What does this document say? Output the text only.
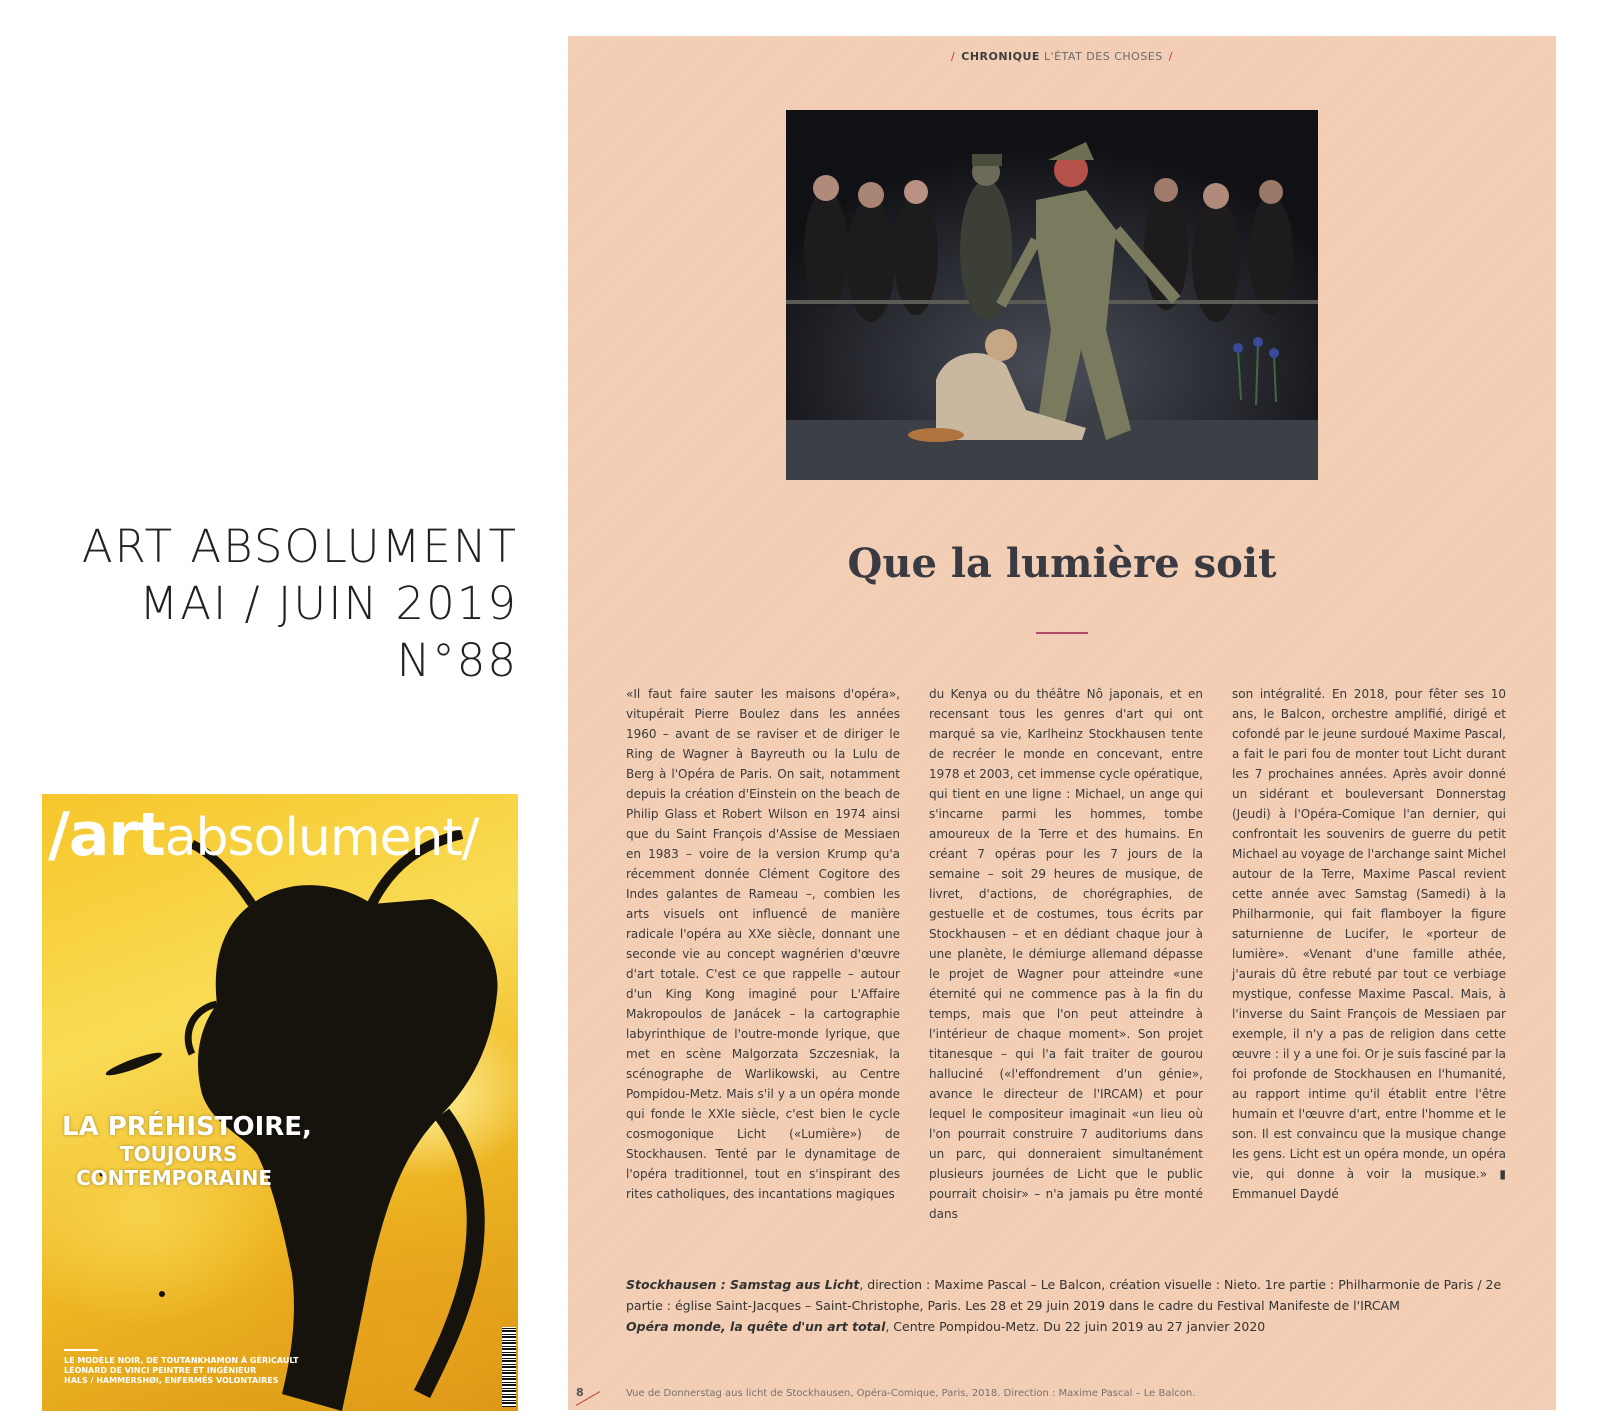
ART ABSOLUMENT
MAI / JUIN 2019
N°88
/artabsolument/
LA PRÉHISTOIRE,
TOUJOURS
CONTEMPORAINE
LE MODÈLE NOIR, DE TOUTANKHAMON À GÉRICAULT
LÉONARD DE VINCI PEINTRE ET INGÉNIEUR
HALS / HAMMERSHØI, ENFERMÉS VOLONTAIRES
/ CHRONIQUE L'ÉTAT DES CHOSES /
Que la lumière soit
«Il faut faire sauter les maisons d'opéra», vitupérait Pierre Boulez dans les années 1960 – avant de se raviser et de diriger le Ring de Wagner à Bayreuth ou la Lulu de Berg à l'Opéra de Paris. On sait, notamment depuis la création d'Einstein on the beach de Philip Glass et Robert Wilson en 1974 ainsi que du Saint François d'Assise de Messiaen en 1983 – voire de la version Krump qu'a récemment donnée Clément Cogitore des Indes galantes de Rameau –, combien les arts visuels ont influencé de manière radicale l'opéra au XXe siècle, donnant une seconde vie au concept wagnérien d'œuvre d'art totale. C'est ce que rappelle – autour d'un King Kong imaginé pour L'Affaire Makropoulos de Janácek – la cartographie labyrinthique de l'outre-monde lyrique, que met en scène Malgorzata Szczesniak, la scénographe de Warlikowski, au Centre Pompidou-Metz. Mais s'il y a un opéra monde qui fonde le XXIe siècle, c'est bien le cycle cosmogonique Licht («Lumière») de Stockhausen. Tenté par le dynamitage de l'opéra traditionnel, tout en s'inspirant des rites catholiques, des incantations magiques
du Kenya ou du théâtre Nô japonais, et en recensant tous les genres d'art qui ont marqué sa vie, Karlheinz Stockhausen tente de recréer le monde en concevant, entre 1978 et 2003, cet immense cycle opératique, qui tient en une ligne : Michael, un ange qui s'incarne parmi les hommes, tombe amoureux de la Terre et des humains. En créant 7 opéras pour les 7 jours de la semaine – soit 29 heures de musique, de livret, d'actions, de chorégraphies, de gestuelle et de costumes, tous écrits par Stockhausen – et en dédiant chaque jour à une planète, le démiurge allemand dépasse le projet de Wagner pour atteindre «une éternité qui ne commence pas à la fin du temps, mais que l'on peut atteindre à l'intérieur de chaque moment». Son projet titanesque – qui l'a fait traiter de gourou halluciné («l'effondrement d'un génie», avance le directeur de l'IRCAM) et pour lequel le compositeur imaginait «un lieu où l'on pourrait construire 7 auditoriums dans un parc, qui donneraient simultanément plusieurs journées de Licht que le public pourrait choisir» – n'a jamais pu être monté dans
son intégralité. En 2018, pour fêter ses 10 ans, le Balcon, orchestre amplifié, dirigé et cofondé par le jeune surdoué Maxime Pascal, a fait le pari fou de monter tout Licht durant les 7 prochaines années. Après avoir donné un sidérant et bouleversant Donnerstag (Jeudi) à l'Opéra-Comique l'an dernier, qui confrontait les souvenirs de guerre du petit Michael au voyage de l'archange saint Michel autour de la Terre, Maxime Pascal revient cette année avec Samstag (Samedi) à la Philharmonie, qui fait flamboyer la figure saturnienne de Lucifer, le «porteur de lumière». «Venant d'une famille athée, j'aurais dû être rebuté par tout ce verbiage mystique, confesse Maxime Pascal. Mais, à l'inverse du Saint François de Messiaen par exemple, il n'y a pas de religion dans cette œuvre : il y a une foi. Or je suis fasciné par la foi profonde de Stockhausen en l'humanité, au rapport intime qu'il établit entre l'être humain et l'œuvre d'art, entre l'homme et le son. Il est convaincu que la musique change les gens. Licht est un opéra monde, un opéra vie, qui donne à voir la musique.» ▮ Emmanuel Daydé
Stockhausen : Samstag aus Licht, direction : Maxime Pascal – Le Balcon, création visuelle : Nieto. 1re partie : Philharmonie de Paris / 2e partie : église Saint-Jacques – Saint-Christophe, Paris. Les 28 et 29 juin 2019 dans le cadre du Festival Manifeste de l'IRCAM
Opéra monde, la quête d'un art total, Centre Pompidou-Metz. Du 22 juin 2019 au 27 janvier 2020
Vue de Donnerstag aus licht de Stockhausen, Opéra-Comique, Paris, 2018. Direction : Maxime Pascal – Le Balcon.
8
